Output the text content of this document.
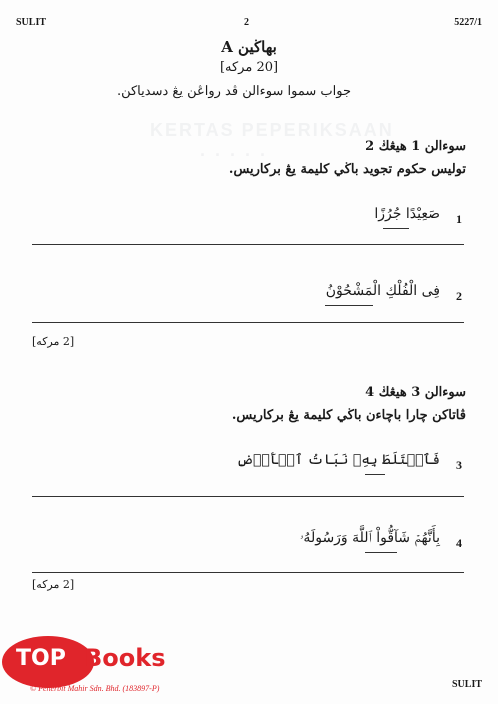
SULIT	2	5227/1
KERTAS PEPERIKSAAN
· · · · ·
بهاڬين A
[20 مركه]
جواب سموا سوءالن ڤد رواڠن يڠ دسدياكن.
سوءالن 1 هيڠڬ 2
توليس حكوم تجويد باڬي كليمة يڠ بركاريس.
1
صَعِيْدًا جُرُزًا
2
فِى الْفُلْكِ الْمَشْحُوْنُ
[2 مركه]
سوءالن 3 هيڠڬ 4
ڤاتاكن چارا باچاءن باڬي كليمة يڠ بركاريس.
3
فَٱخۡتَلَطَ بِهِۦ نَبَاتُ ٱلۡأَرۡضِ
4
بِأَنَّهُمۡ شَآقُّواْ ٱللَّهَ وَرَسُولَهُۥ
[2 مركه]
TOP Books
© Penerbit Mahir Sdn. Bhd. (183897-P)	SULIT
